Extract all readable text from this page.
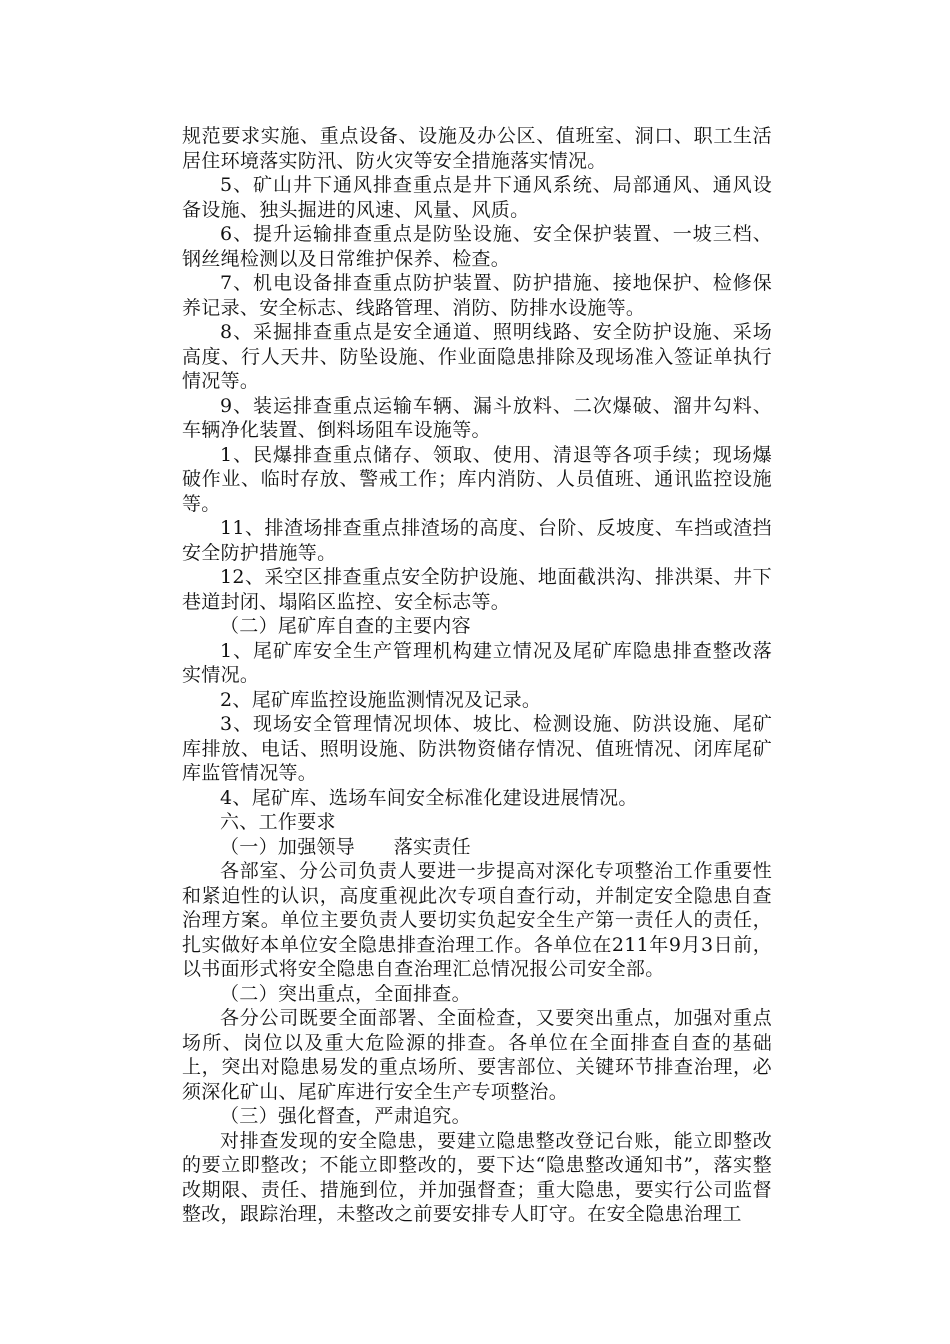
规范要求实施、重点设备、设施及办公区、值班室、洞口、职工生活居住环境落实防汛、防火灾等安全措施落实情况。

5、矿山井下通风排查重点是井下通风系统、局部通风、通风设备设施、独头掘进的风速、风量、风质。

6、提升运输排查重点是防坠设施、安全保护装置、一坡三档、钢丝绳检测以及日常维护保养、检查。

7、机电设备排查重点防护装置、防护措施、接地保护、检修保养记录、安全标志、线路管理、消防、防排水设施等。

8、采掘排查重点是安全通道、照明线路、安全防护设施、采场高度、行人天井、防坠设施、作业面隐患排除及现场准入签证单执行情况等。

9、装运排查重点运输车辆、漏斗放料、二次爆破、溜井勾料、车辆净化装置、倒料场阻车设施等。

1、民爆排查重点储存、领取、使用、清退等各项手续；现场爆破作业、临时存放、警戒工作；库内消防、人员值班、通讯监控设施等。

11、排渣场排查重点排渣场的高度、台阶、反坡度、车挡或渣挡安全防护措施等。

12、采空区排查重点安全防护设施、地面截洪沟、排洪渠、井下巷道封闭、塌陷区监控、安全标志等。

（二）尾矿库自查的主要内容

1、尾矿库安全生产管理机构建立情况及尾矿库隐患排查整改落实情况。

2、尾矿库监控设施监测情况及记录。

3、现场安全管理情况坝体、坡比、检测设施、防洪设施、尾矿库排放、电话、照明设施、防洪物资储存情况、值班情况、闭库尾矿库监管情况等。

4、尾矿库、选场车间安全标准化建设进展情况。

六、工作要求

（一）加强领导　　落实责任

各部室、分公司负责人要进一步提高对深化专项整治工作重要性和紧迫性的认识，高度重视此次专项自查行动，并制定安全隐患自查治理方案。单位主要负责人要切实负起安全生产第一责任人的责任，扎实做好本单位安全隐患排查治理工作。各单位在211年9月3日前，以书面形式将安全隐患自查治理汇总情况报公司安全部。

（二）突出重点，全面排查。

各分公司既要全面部署、全面检查，又要突出重点，加强对重点场所、岗位以及重大危险源的排查。各单位在全面排查自查的基础上，突出对隐患易发的重点场所、要害部位、关键环节排查治理，必须深化矿山、尾矿库进行安全生产专项整治。

（三）强化督查，严肃追究。

对排查发现的安全隐患，要建立隐患整改登记台账，能立即整改的要立即整改；不能立即整改的，要下达“隐患整改通知书”，落实整改期限、责任、措施到位，并加强督查；重大隐患，要实行公司监督整改，跟踪治理，未整改之前要安排专人盯守。在安全隐患治理工
